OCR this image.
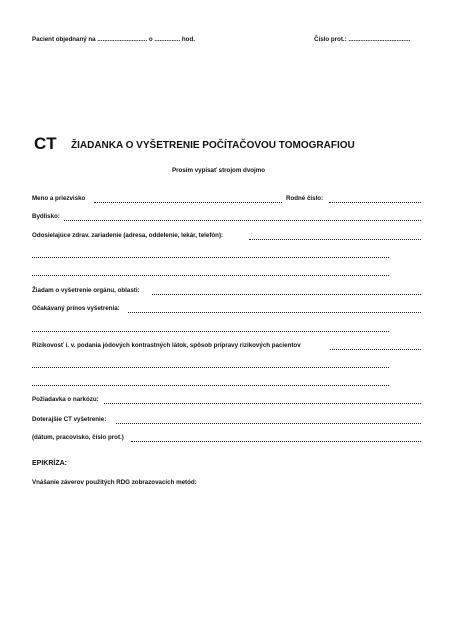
Pacient objednaný na ............................. o ............... hod.	Číslo prot.: ....................................
CT ŽIADANKA O VYŠETRENIE POČÍTAČOVOU TOMOGRAFIOU
Prosím vypísať strojom dvojmo
Meno a priezvisko	Rodné číslo:
Bydlisko:
Odosielajúce zdrav. zariadenie (adresa, oddelenie, lekár, telefón):
Žiadam o vyšetrenie orgánu, oblasti:
Očakávaný prínos vyšetrenia:
Rizikovosť i. v. podania jódových kontrastných látok, spôsob prípravy rizikových pacientov
Požiadavka o narkózu:
Doterajšie CT vyšetrenie:
(dátum, pracovisko, číslo prot.)
EPIKRÍZA:
Vnášanie záverov použitých RDG zobrazovacích metód:
